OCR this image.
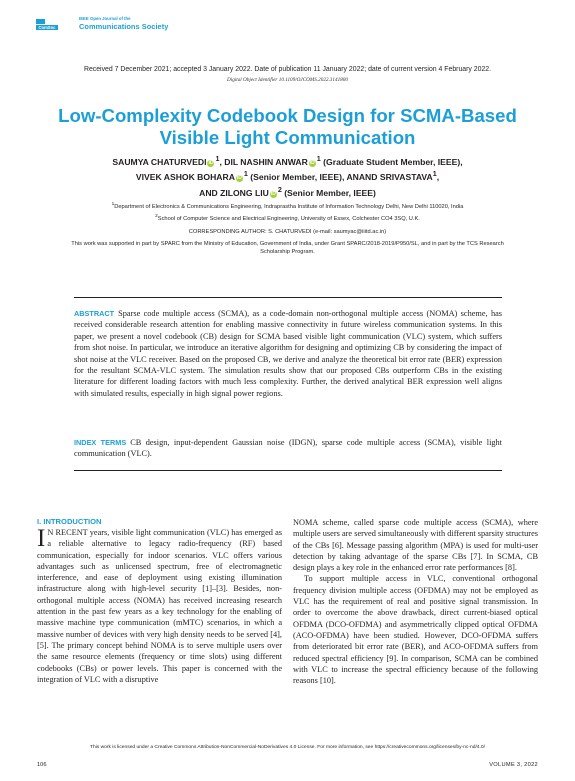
ComSoc
IEEE Open Journal of the
Communications Society
Received 7 December 2021; accepted 3 January 2022. Date of publication 11 January 2022; date of current version 4 February 2022.
Digital Object Identifier 10.1109/OJCOMS.2022.3141800
Low-Complexity Codebook Design for SCMA-Based Visible Light Communication
SAUMYA CHATURVEDI iD $^1$, DIL NASHIN ANWAR iD $^1$ (Graduate Student Member, IEEE),
VIVEK ASHOK BOHARA iD $^1$ (Senior Member, IEEE), ANAND SRIVASTAVA$^1$,
AND ZILONG LIU iD $^2$ (Senior Member, IEEE)
$^1$Department of Electronics & Communications Engineering, Indraprastha Institute of Information Technology Delhi, New Delhi 110020, India
$^2$School of Computer Science and Electrical Engineering, University of Essex, Colchester CO4 3SQ, U.K.
CORRESPONDING AUTHOR: S. CHATURVEDI (e-mail: saumyac@iiitd.ac.in)
This work was supported in part by SPARC from the Ministry of Education, Government of India, under Grant SPARC/2018-2019/P950/SL, and in part by the TCS Research Scholarship Program.
ABSTRACT Sparse code multiple access (SCMA), as a code-domain non-orthogonal multiple access (NOMA) scheme, has received considerable research attention for enabling massive connectivity in future wireless communication systems. In this paper, we present a novel codebook (CB) design for SCMA based visible light communication (VLC) system, which suffers from shot noise. In particular, we introduce an iterative algorithm for designing and optimizing CB by considering the impact of shot noise at the VLC receiver. Based on the proposed CB, we derive and analyze the theoretical bit error rate (BER) expression for the resultant SCMA-VLC system. The simulation results show that our proposed CBs outperform CBs in the existing literature for different loading factors with much less complexity. Further, the derived analytical BER expression well aligns with simulated results, especially in high signal power regions.
INDEX TERMS CB design, input-dependent Gaussian noise (IDGN), sparse code multiple access (SCMA), visible light communication (VLC).
I. INTRODUCTION
I N RECENT years, visible light communication (VLC) has emerged as a reliable alternative to legacy radio-frequency (RF) based communication, especially for indoor scenarios. VLC offers various advantages such as unlicensed spectrum, free of electromagnetic interference, and ease of deployment using existing illumination infrastructure along with high-level security [1]–[3]. Besides, non-orthogonal multiple access (NOMA) has received increasing research attention in the past few years as a key technology for the enabling of massive machine type communication (mMTC) scenarios, in which a massive number of devices with very high density needs to be served [4], [5]. The primary concept behind NOMA is to serve multiple users over the same resource elements (frequency or time slots) using different codebooks (CBs) or power levels. This paper is concerned with the integration of VLC with a disruptive

NOMA scheme, called sparse code multiple access (SCMA), where multiple users are served simultaneously with different sparsity structures of the CBs [6]. Message passing algorithm (MPA) is used for multi-user detection by taking advantage of the sparse CBs [7]. In SCMA, CB design plays a key role in the enhanced error rate performances [8].

To support multiple access in VLC, conventional orthogonal frequency division multiple access (OFDMA) may not be employed as VLC has the requirement of real and positive signal transmission. In order to overcome the above drawback, direct current-biased optical OFDMA (DCO-OFDMA) and asymmetrically clipped optical OFDMA (ACO-OFDMA) have been studied. However, DCO-OFDMA suffers from deteriorated bit error rate (BER), and ACO-OFDMA suffers from reduced spectral efficiency [9]. In comparison, SCMA can be combined with VLC to increase the spectral efficiency because of the following reasons [10].

This work is licensed under a Creative Commons Attribution-NonCommercial-NoDerivatives 4.0 License. For more information, see https://creativecommons.org/licenses/by-nc-nd/4.0/
106	VOLUME 3, 2022
